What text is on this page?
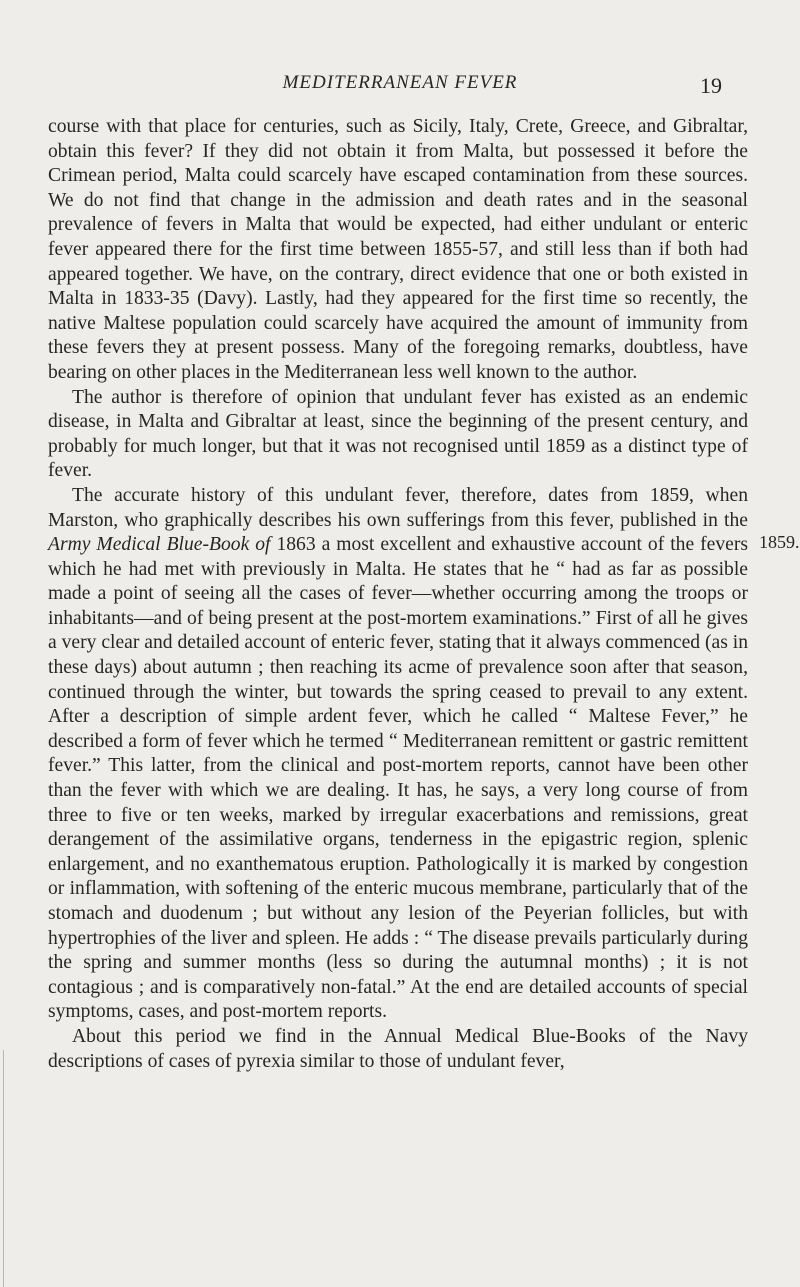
MEDITERRANEAN FEVER	19

course with that place for centuries, such as Sicily, Italy, Crete, Greece, and Gibraltar, obtain this fever? If they did not obtain it from Malta, but possessed it before the Crimean period, Malta could scarcely have escaped contamination from these sources. We do not find that change in the admission and death rates and in the seasonal prevalence of fevers in Malta that would be expected, had either undulant or enteric fever appeared there for the first time between 1855-57, and still less than if both had appeared together. We have, on the contrary, direct evidence that one or both existed in Malta in 1833-35 (Davy). Lastly, had they appeared for the first time so recently, the native Maltese population could scarcely have acquired the amount of immunity from these fevers they at present possess. Many of the foregoing remarks, doubtless, have bearing on other places in the Mediterranean less well known to the author.

The author is therefore of opinion that undulant fever has existed as an endemic disease, in Malta and Gibraltar at least, since the beginning of the present century, and probably for much longer, but that it was not recognised until 1859 as a distinct type of fever.

The accurate history of this undulant fever, therefore, dates from 1859, when Marston, who graphically describes his own sufferings from this fever, published in the Army Medical Blue-Book of 1863 a most excellent and exhaustive account of the fevers which he had met with previously in Malta. He states that he “ had as far as possible made a point of seeing all the cases of fever—whether occurring among the troops or inhabitants—and of being present at the post-mortem examinations.” First of all he gives a very clear and detailed account of enteric fever, stating that it always commenced (as in these days) about autumn ; then reaching its acme of prevalence soon after that season, continued through the winter, but towards the spring ceased to prevail to any extent. After a description of simple ardent fever, which he called “ Maltese Fever,” he described a form of fever which he termed “ Mediterranean remittent or gastric remittent fever.” This latter, from the clinical and post-mortem reports, cannot have been other than the fever with which we are dealing. It has, he says, a very long course of from three to five or ten weeks, marked by irregular exacerbations and remissions, great derangement of the assimilative organs, tenderness in the epigastric region, splenic enlargement, and no exanthematous eruption. Pathologically it is marked by congestion or inflammation, with softening of the enteric mucous membrane, particularly that of the stomach and duodenum ; but without any lesion of the Peyerian follicles, but with hypertrophies of the liver and spleen. He adds : “ The disease prevails particularly during the spring and summer months (less so during the autumnal months) ; it is not contagious ; and is comparatively non-fatal.” At the end are detailed accounts of special symptoms, cases, and post-mortem reports.

About this period we find in the Annual Medical Blue-Books of the Navy descriptions of cases of pyrexia similar to those of undulant fever,

1859.
